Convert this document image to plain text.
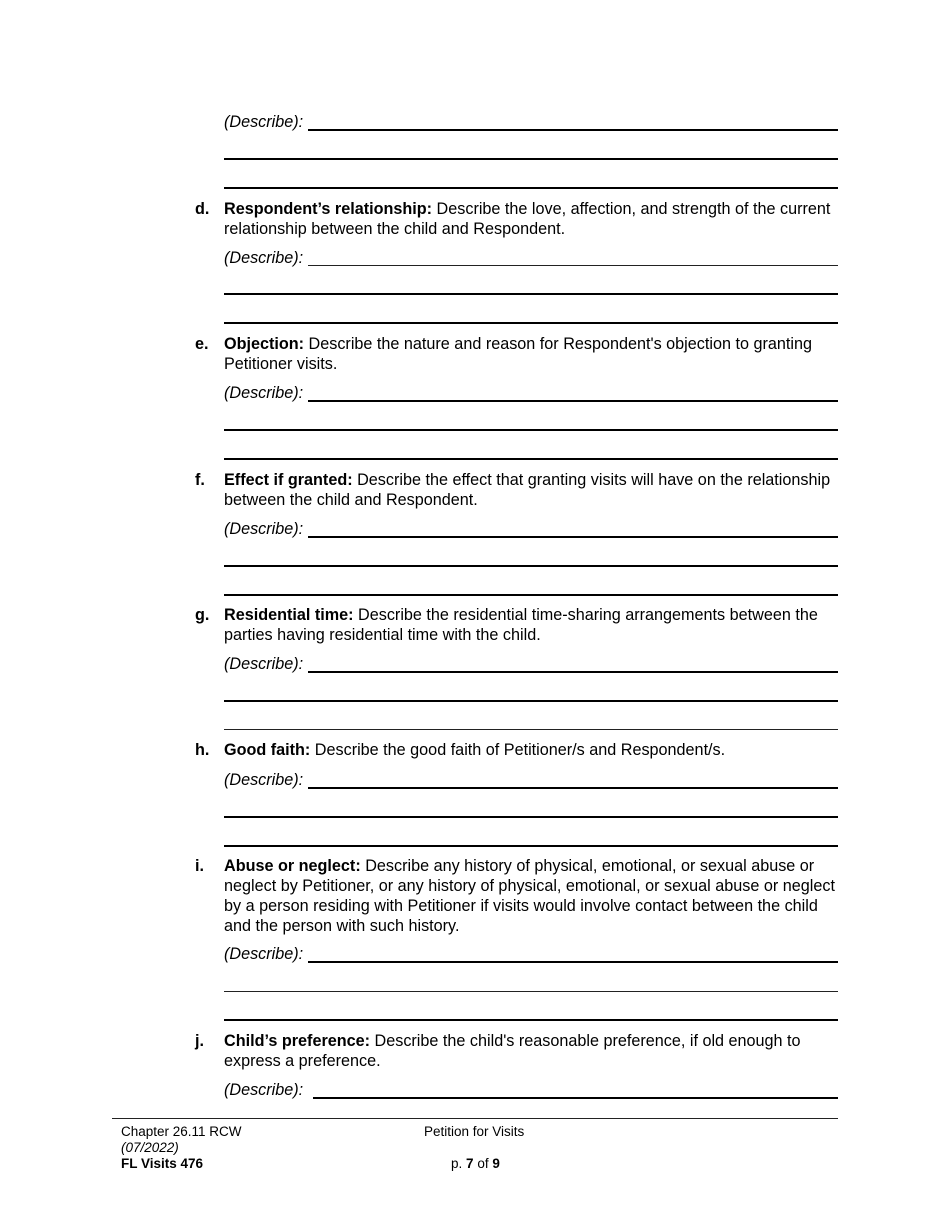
(Describe):
d. Respondent’s relationship: Describe the love, affection, and strength of the current relationship between the child and Respondent.
(Describe):
e. Objection: Describe the nature and reason for Respondent's objection to granting Petitioner visits.
(Describe):
f. Effect if granted: Describe the effect that granting visits will have on the relationship between the child and Respondent.
(Describe):
g. Residential time: Describe the residential time-sharing arrangements between the parties having residential time with the child.
(Describe):
h. Good faith: Describe the good faith of Petitioner/s and Respondent/s.
(Describe):
i. Abuse or neglect: Describe any history of physical, emotional, or sexual abuse or neglect by Petitioner, or any history of physical, emotional, or sexual abuse or neglect by a person residing with Petitioner if visits would involve contact between the child and the person with such history.
(Describe):
j. Child’s preference: Describe the child's reasonable preference, if old enough to express a preference.
(Describe):
Chapter 26.11 RCW
(07/2022)
FL Visits 476
Petition for Visits
p. 7 of 9
